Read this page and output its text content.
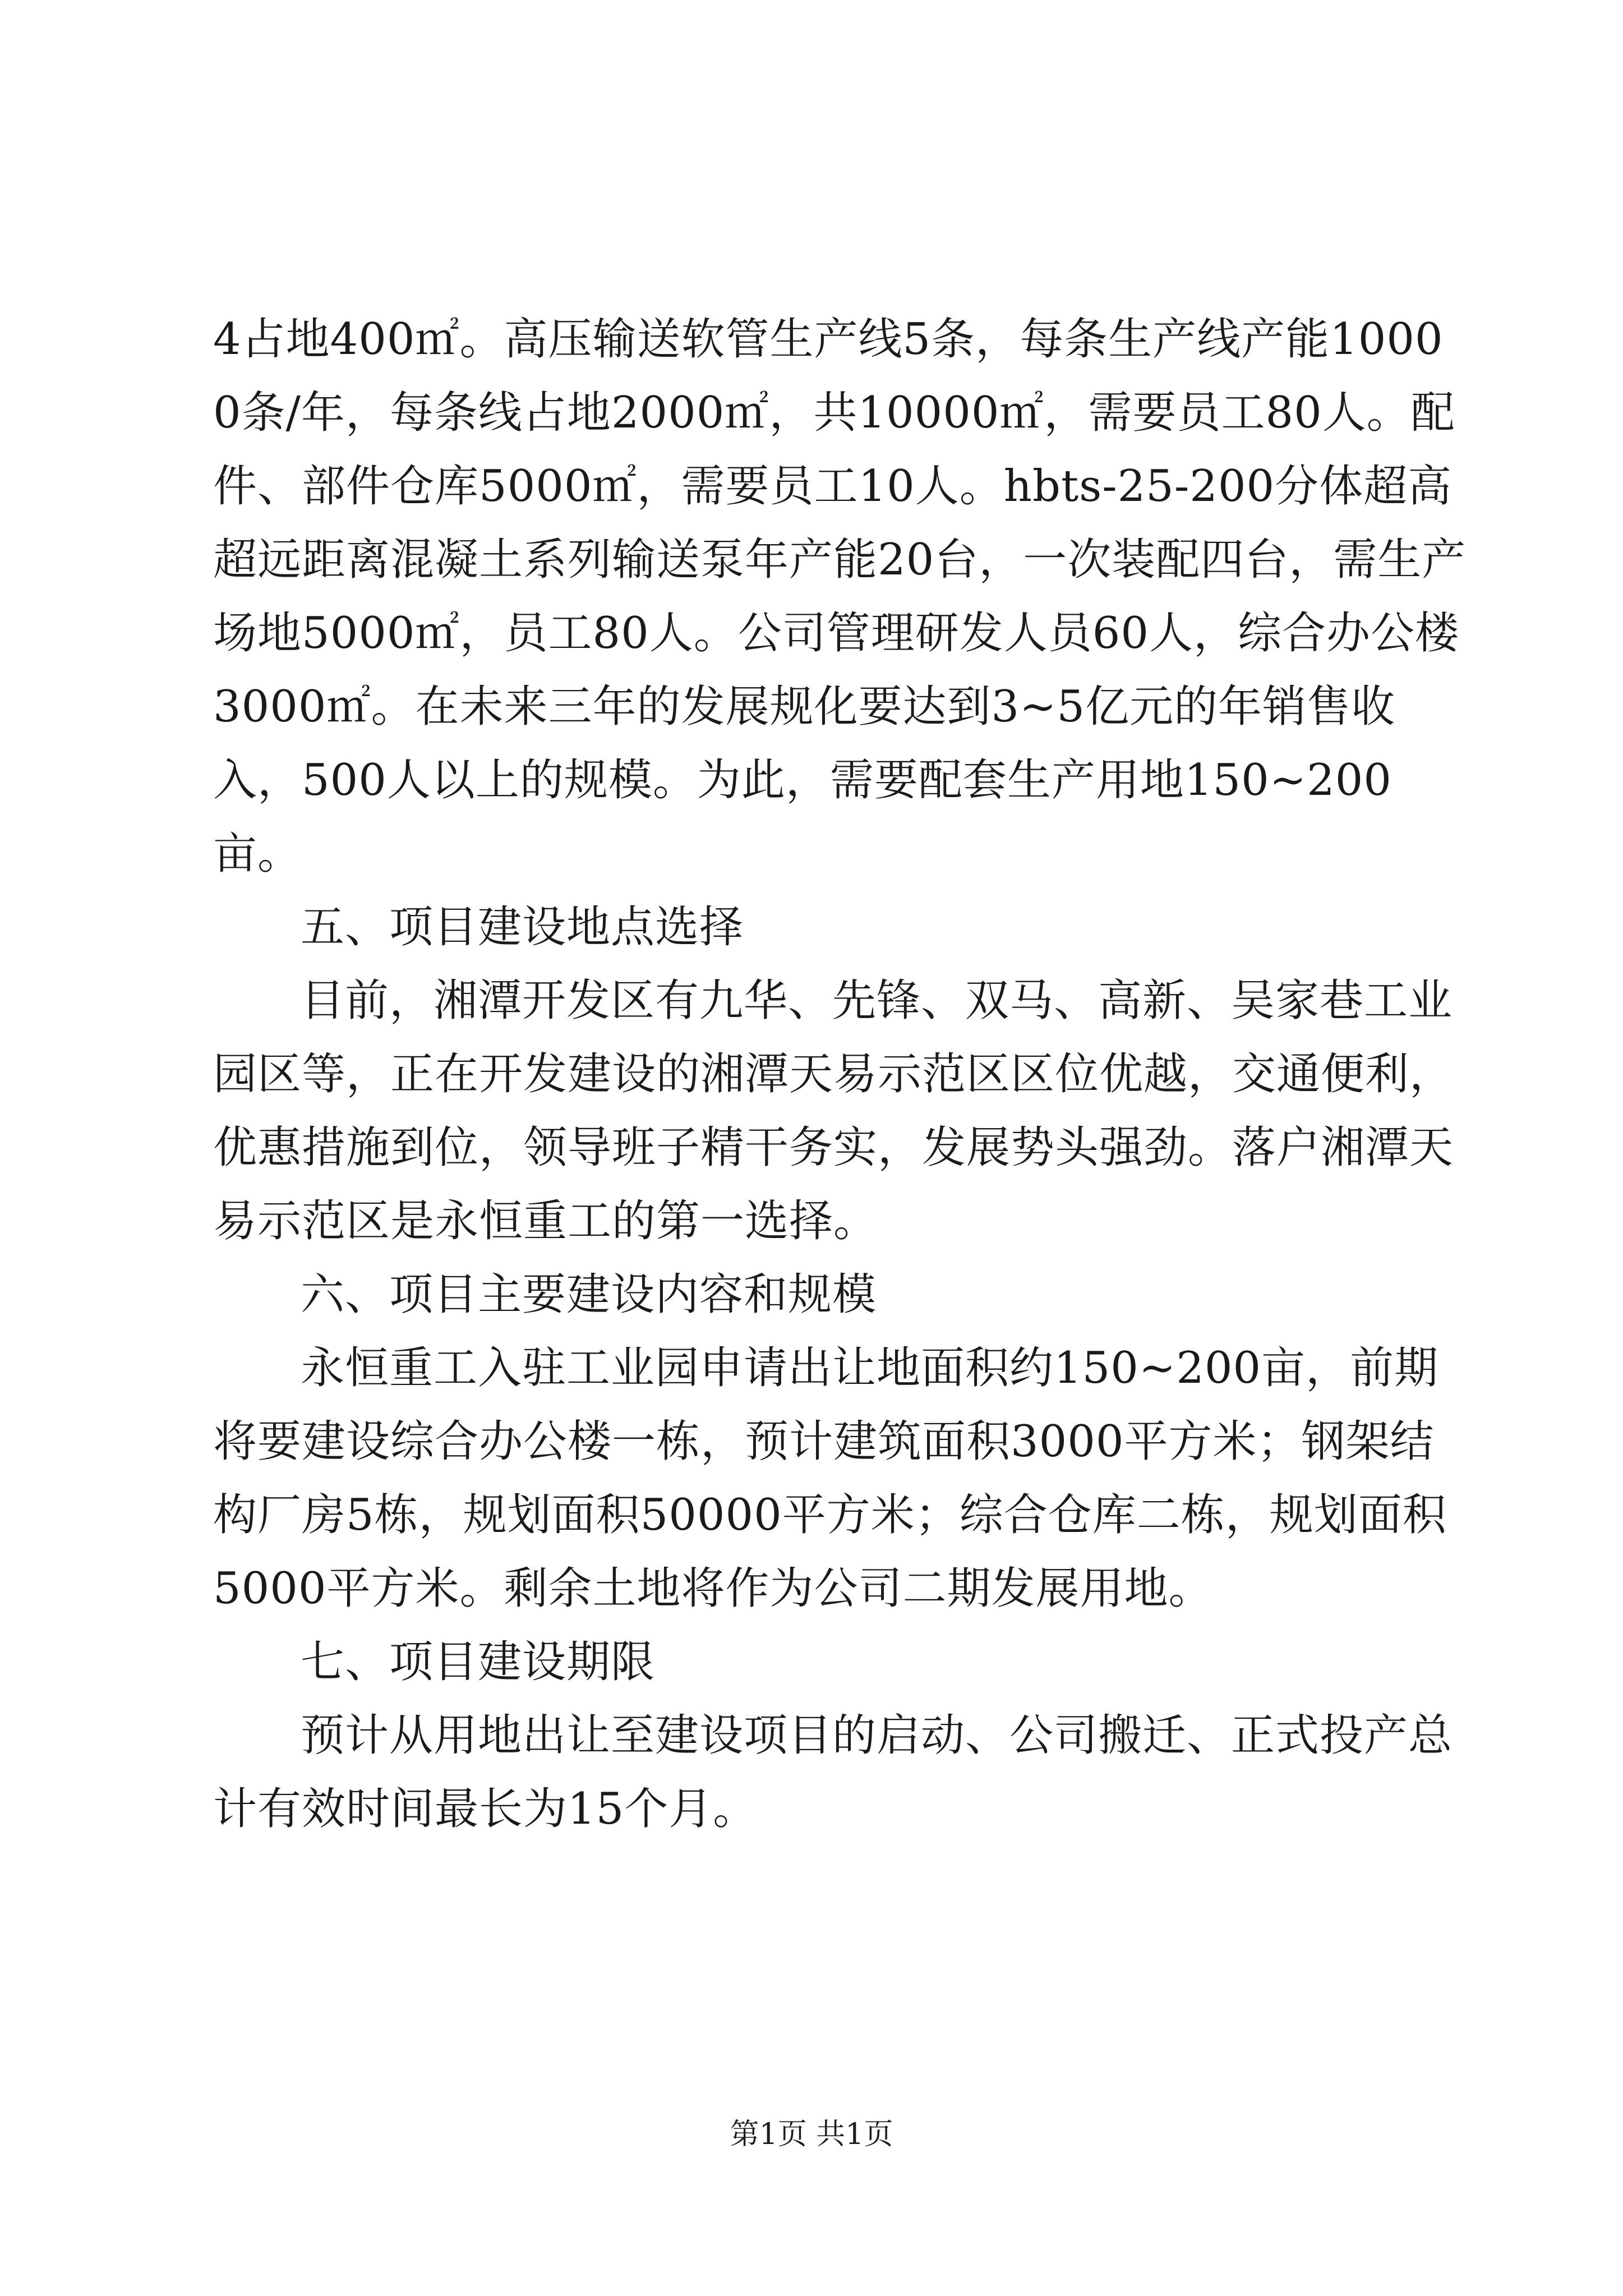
4占地400㎡。高压输送软管生产线5条，每条生产线产能10000条/年，每条线占地2000㎡，共10000㎡，需要员工80人。配件、部件仓库5000㎡，需要员工10人。hbts-25-200分体超高超远距离混凝土系列输送泵年产能20台，一次装配四台，需生产场地5000㎡，员工80人。公司管理研发人员60人，综合办公楼3000㎡。在未来三年的发展规化要达到3~5亿元的年销售收入，500人以上的规模。为此，需要配套生产用地150~200亩。

五、项目建设地点选择

目前，湘潭开发区有九华、先锋、双马、高新、吴家巷工业园区等，正在开发建设的湘潭天易示范区区位优越，交通便利，优惠措施到位，领导班子精干务实，发展势头强劲。落户湘潭天易示范区是永恒重工的第一选择。

六、项目主要建设内容和规模

永恒重工入驻工业园申请出让地面积约150~200亩，前期将要建设综合办公楼一栋，预计建筑面积3000平方米；钢架结构厂房5栋，规划面积50000平方米；综合仓库二栋，规划面积5000平方米。剩余土地将作为公司二期发展用地。

七、项目建设期限

预计从用地出让至建设项目的启动、公司搬迁、正式投产总计有效时间最长为15个月。

第1页 共1页
